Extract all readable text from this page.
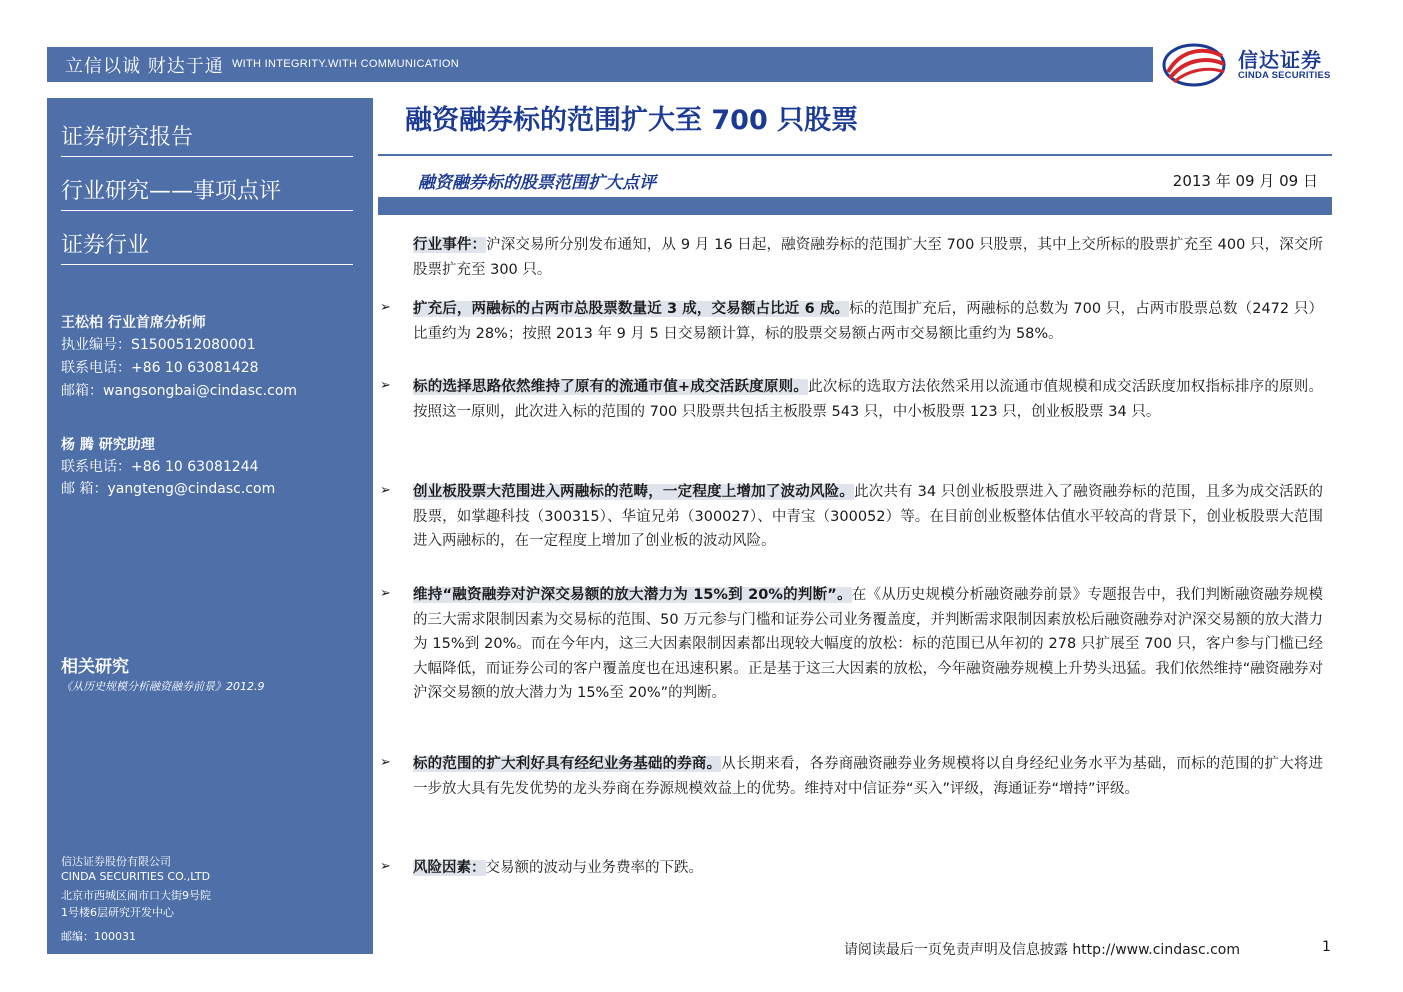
立信以诚 财达于通 WITH INTEGRITY.WITH COMMUNICATION	信达证券
CINDA SECURITIES
证券研究报告
行业研究——事项点评
证券行业
王松柏 行业首席分析师
执业编号：S1500512080001
联系电话：+86 10 63081428
邮箱：wangsongbai@cindasc.com
杨 腾 研究助理
联系电话：+86 10 63081244
邮 箱：yangteng@cindasc.com
相关研究
《从历史规模分析融资融券前景》2012.9
信达证券股份有限公司
CINDA SECURITIES CO.,LTD
北京市西城区闹市口大街9号院
1号楼6层研究开发中心
邮编：100031
融资融券标的范围扩大至 700 只股票
融资融券标的股票范围扩大点评	2013 年 09 月 09 日
行业事件：沪深交易所分别发布通知，从 9 月 16 日起，融资融券标的范围扩大至 700 只股票，其中上交所标的股票扩充至 400 只，深交所股票扩充至 300 只。
➢ 扩充后，两融标的占两市总股票数量近 3 成，交易额占比近 6 成。标的范围扩充后，两融标的总数为 700 只，占两市股票总数（2472 只）比重约为 28%；按照 2013 年 9 月 5 日交易额计算，标的股票交易额占两市交易额比重约为 58%。
➢ 标的选择思路依然维持了原有的流通市值+成交活跃度原则。此次标的选取方法依然采用以流通市值规模和成交活跃度加权指标排序的原则。按照这一原则，此次进入标的范围的 700 只股票共包括主板股票 543 只，中小板股票 123 只，创业板股票 34 只。
➢ 创业板股票大范围进入两融标的范畴，一定程度上增加了波动风险。此次共有 34 只创业板股票进入了融资融券标的范围，且多为成交活跃的股票，如掌趣科技（300315）、华谊兄弟（300027）、中青宝（300052）等。在目前创业板整体估值水平较高的背景下，创业板股票大范围进入两融标的，在一定程度上增加了创业板的波动风险。
➢ 维持“融资融券对沪深交易额的放大潜力为 15%到 20%的判断”。在《从历史规模分析融资融券前景》专题报告中，我们判断融资融券规模的三大需求限制因素为交易标的范围、50 万元参与门槛和证券公司业务覆盖度，并判断需求限制因素放松后融资融券对沪深交易额的放大潜力为 15%到 20%。而在今年内，这三大因素限制因素都出现较大幅度的放松：标的范围已从年初的 278 只扩展至 700 只，客户参与门槛已经大幅降低，而证券公司的客户覆盖度也在迅速积累。正是基于这三大因素的放松，今年融资融券规模上升势头迅猛。我们依然维持“融资融券对沪深交易额的放大潜力为 15%至 20%”的判断。
➢ 标的范围的扩大利好具有经纪业务基础的券商。从长期来看，各券商融资融券业务规模将以自身经纪业务水平为基础，而标的范围的扩大将进一步放大具有先发优势的龙头券商在券源规模效益上的优势。维持对中信证券“买入”评级，海通证券“增持”评级。
➢ 风险因素：交易额的波动与业务费率的下跌。
请阅读最后一页免责声明及信息披露 http://www.cindasc.com	1
